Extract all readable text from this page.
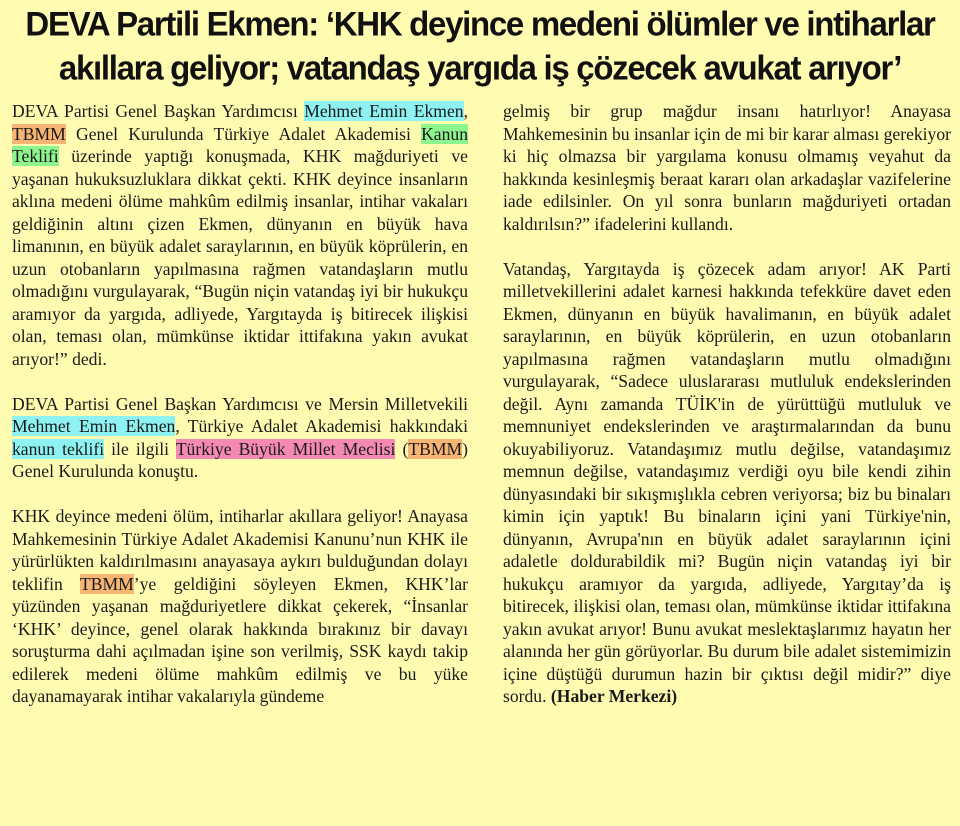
DEVA Partili Ekmen: ‘KHK deyince medeni ölümler ve intiharlar
akıllara geliyor; vatandaş yargıda iş çözecek avukat arıyor’

DEVA Partisi Genel Başkan Yardımcısı Mehmet Emin Ekmen, TBMM Genel Kurulunda Türkiye Adalet Akademisi Kanun Teklifi üzerinde yaptığı konuşmada, KHK mağduriyeti ve yaşanan hukuksuzluklara dikkat çekti. KHK deyince insanların aklına medeni ölüme mahkûm edilmiş insanlar, intihar vakaları geldiğinin altını çizen Ekmen, dünyanın en büyük hava limanının, en büyük adalet saraylarının, en büyük köprülerin, en uzun otobanların yapılmasına rağmen vatandaşların mutlu olmadığını vurgulayarak, “Bugün niçin vatandaş iyi bir hukukçu aramıyor da yargıda, adliyede, Yargıtayda iş bitirecek ilişkisi olan, teması olan, mümkünse iktidar ittifakına yakın avukat arıyor!” dedi.

DEVA Partisi Genel Başkan Yardımcısı ve Mersin Milletvekili Mehmet Emin Ekmen, Türkiye Adalet Akademisi hakkındaki kanun teklifi ile ilgili Türkiye Büyük Millet Meclisi (TBMM) Genel Kurulunda konuştu.

KHK deyince medeni ölüm, intiharlar akıllara geliyor! Anayasa Mahkemesinin Türkiye Adalet Akademisi Kanunu’nun KHK ile yürürlükten kaldırılmasını anayasaya aykırı bulduğundan dolayı teklifin TBMM’ye geldiğini söyleyen Ekmen, KHK’lar yüzünden yaşanan mağduriyetlere dikkat çekerek, “İnsanlar ‘KHK’ deyince, genel olarak hakkında bırakınız bir davayı soruşturma dahi açılmadan işine son verilmiş, SSK kaydı takip edilerek medeni ölüme mahkûm edilmiş ve bu yüke dayanamayarak intihar vakalarıyla gündeme

gelmiş bir grup mağdur insanı hatırlıyor! Anayasa Mahkemesinin bu insanlar için de mi bir karar alması gerekiyor ki hiç olmazsa bir yargılama konusu olmamış veyahut da hakkında kesinleşmiş beraat kararı olan arkadaşlar vazifelerine iade edilsinler. On yıl sonra bunların mağduriyeti ortadan kaldırılsın?” ifadelerini kullandı.

Vatandaş, Yargıtayda iş çözecek adam arıyor! AK Parti milletvekillerini adalet karnesi hakkında tefekküre davet eden Ekmen, dünyanın en büyük havalimanın, en büyük adalet saraylarının, en büyük köprülerin, en uzun otobanların yapılmasına rağmen vatandaşların mutlu olmadığını vurgulayarak, “Sadece uluslararası mutluluk endekslerinden değil. Aynı zamanda TÜİK'in de yürüttüğü mutluluk ve memnuniyet endekslerinden ve araştırmalarından da bunu okuyabiliyoruz. Vatandaşımız mutlu değilse, vatandaşımız memnun değilse, vatandaşımız verdiği oyu bile kendi zihin dünyasındaki bir sıkışmışlıkla cebren veriyorsa; biz bu binaları kimin için yaptık! Bu binaların içini yani Türkiye'nin, dünyanın, Avrupa'nın en büyük adalet saraylarının içini adaletle doldurabildik mi? Bugün niçin vatandaş iyi bir hukukçu aramıyor da yargıda, adliyede, Yargıtay’da iş bitirecek, ilişkisi olan, teması olan, mümkünse iktidar ittifakına yakın avukat arıyor! Bunu avukat meslektaşlarımız hayatın her alanında her gün görüyorlar. Bu durum bile adalet sistemimizin içine düştüğü durumun hazin bir çıktısı değil midir?” diye sordu. (Haber Merkezi)
